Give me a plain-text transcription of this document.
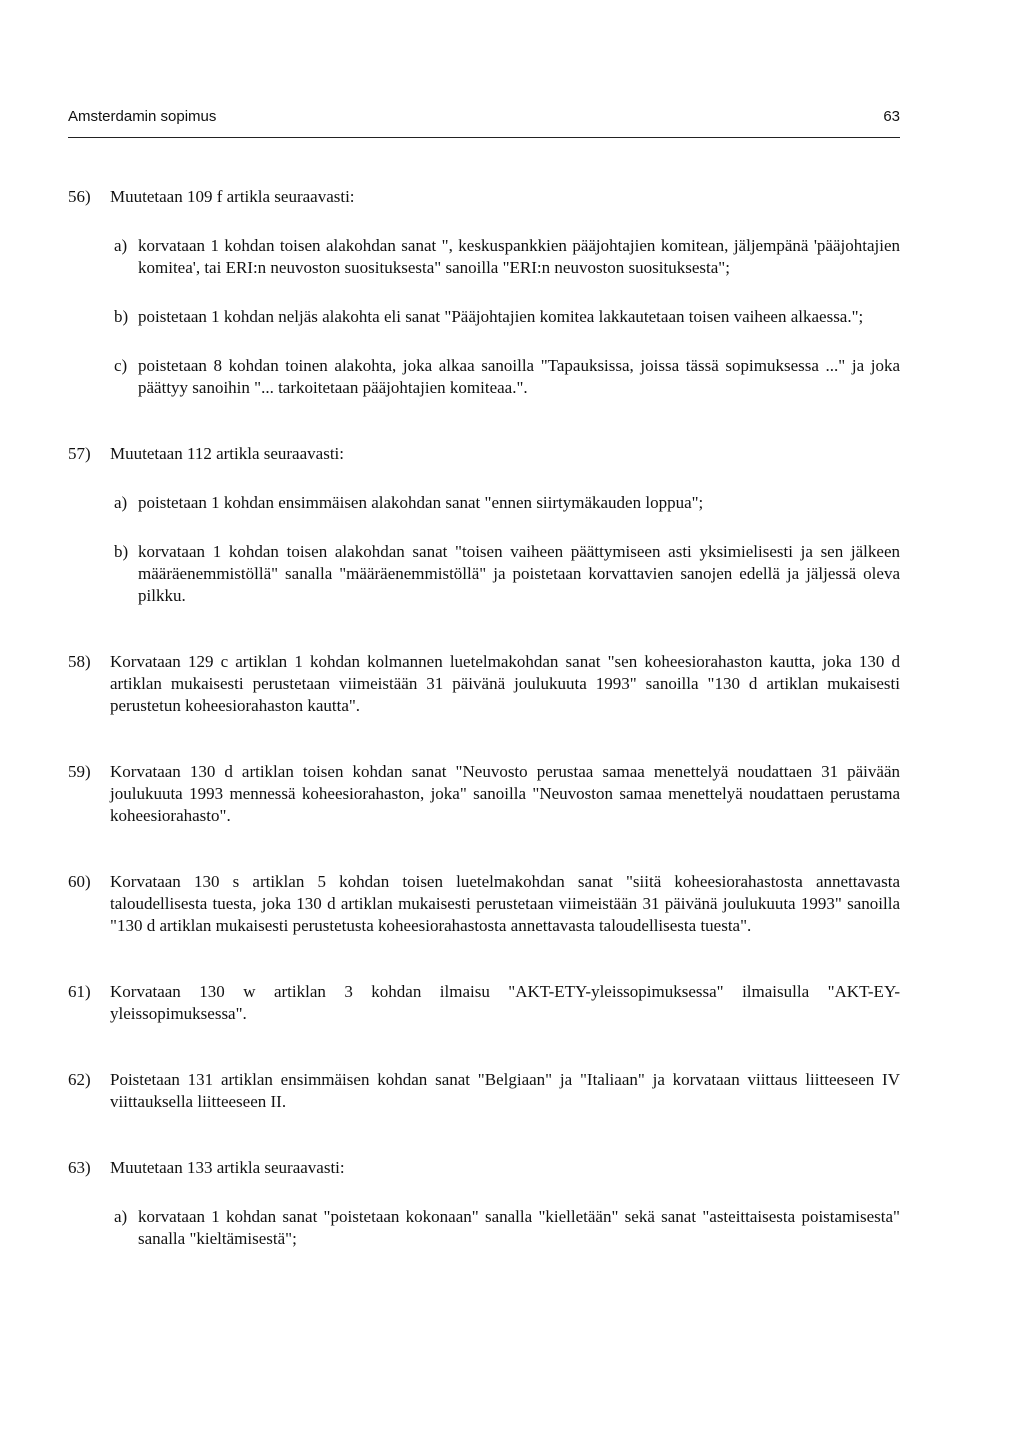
Amsterdamin sopimus	63
56)	Muutetaan 109 f artikla seuraavasti:
a) korvataan 1 kohdan toisen alakohdan sanat ", keskuspankkien pääjohtajien komitean, jäljempänä 'pääjohtajien komitea', tai ERI:n neuvoston suosituksesta" sanoilla "ERI:n neuvoston suosituksesta";
b) poistetaan 1 kohdan neljäs alakohta eli sanat "Pääjohtajien komitea lakkautetaan toisen vaiheen alkaessa.";
c) poistetaan 8 kohdan toinen alakohta, joka alkaa sanoilla "Tapauksissa, joissa tässä sopimuksessa ..." ja joka päättyy sanoihin "... tarkoitetaan pääjohtajien komiteaa.".
57)	Muutetaan 112 artikla seuraavasti:
a) poistetaan 1 kohdan ensimmäisen alakohdan sanat "ennen siirtymäkauden loppua";
b) korvataan 1 kohdan toisen alakohdan sanat "toisen vaiheen päättymiseen asti yksimielisesti ja sen jälkeen määräenemmistöllä" sanalla "määräenemmistöllä" ja poistetaan korvattavien sanojen edellä ja jäljessä oleva pilkku.
58)	Korvataan 129 c artiklan 1 kohdan kolmannen luetelmakohdan sanat "sen koheesiorahaston kautta, joka 130 d artiklan mukaisesti perustetaan viimeistään 31 päivänä joulukuuta 1993" sanoilla "130 d artiklan mukaisesti perustetun koheesiorahaston kautta".
59)	Korvataan 130 d artiklan toisen kohdan sanat "Neuvosto perustaa samaa menettelyä noudattaen 31 päivään joulukuuta 1993 mennessä koheesiorahaston, joka" sanoilla "Neuvoston samaa menettelyä noudattaen perustama koheesiorahasto".
60)	Korvataan 130 s artiklan 5 kohdan toisen luetelmakohdan sanat "siitä koheesiorahastosta annettavasta taloudellisesta tuesta, joka 130 d artiklan mukaisesti perustetaan viimeistään 31 päivänä joulukuuta 1993" sanoilla "130 d artiklan mukaisesti perustetusta koheesiorahastosta annettavasta taloudellisesta tuesta".
61)	Korvataan 130 w artiklan 3 kohdan ilmaisu "AKT-ETY-yleissopimuksessa" ilmaisulla "AKT-EY-yleissopimuksessa".
62)	Poistetaan 131 artiklan ensimmäisen kohdan sanat "Belgiaan" ja "Italiaan" ja korvataan viittaus liitteeseen IV viittauksella liitteeseen II.
63)	Muutetaan 133 artikla seuraavasti:
a) korvataan 1 kohdan sanat "poistetaan kokonaan" sanalla "kielletään" sekä sanat "asteittaisesta poistamisesta" sanalla "kieltämisestä";
